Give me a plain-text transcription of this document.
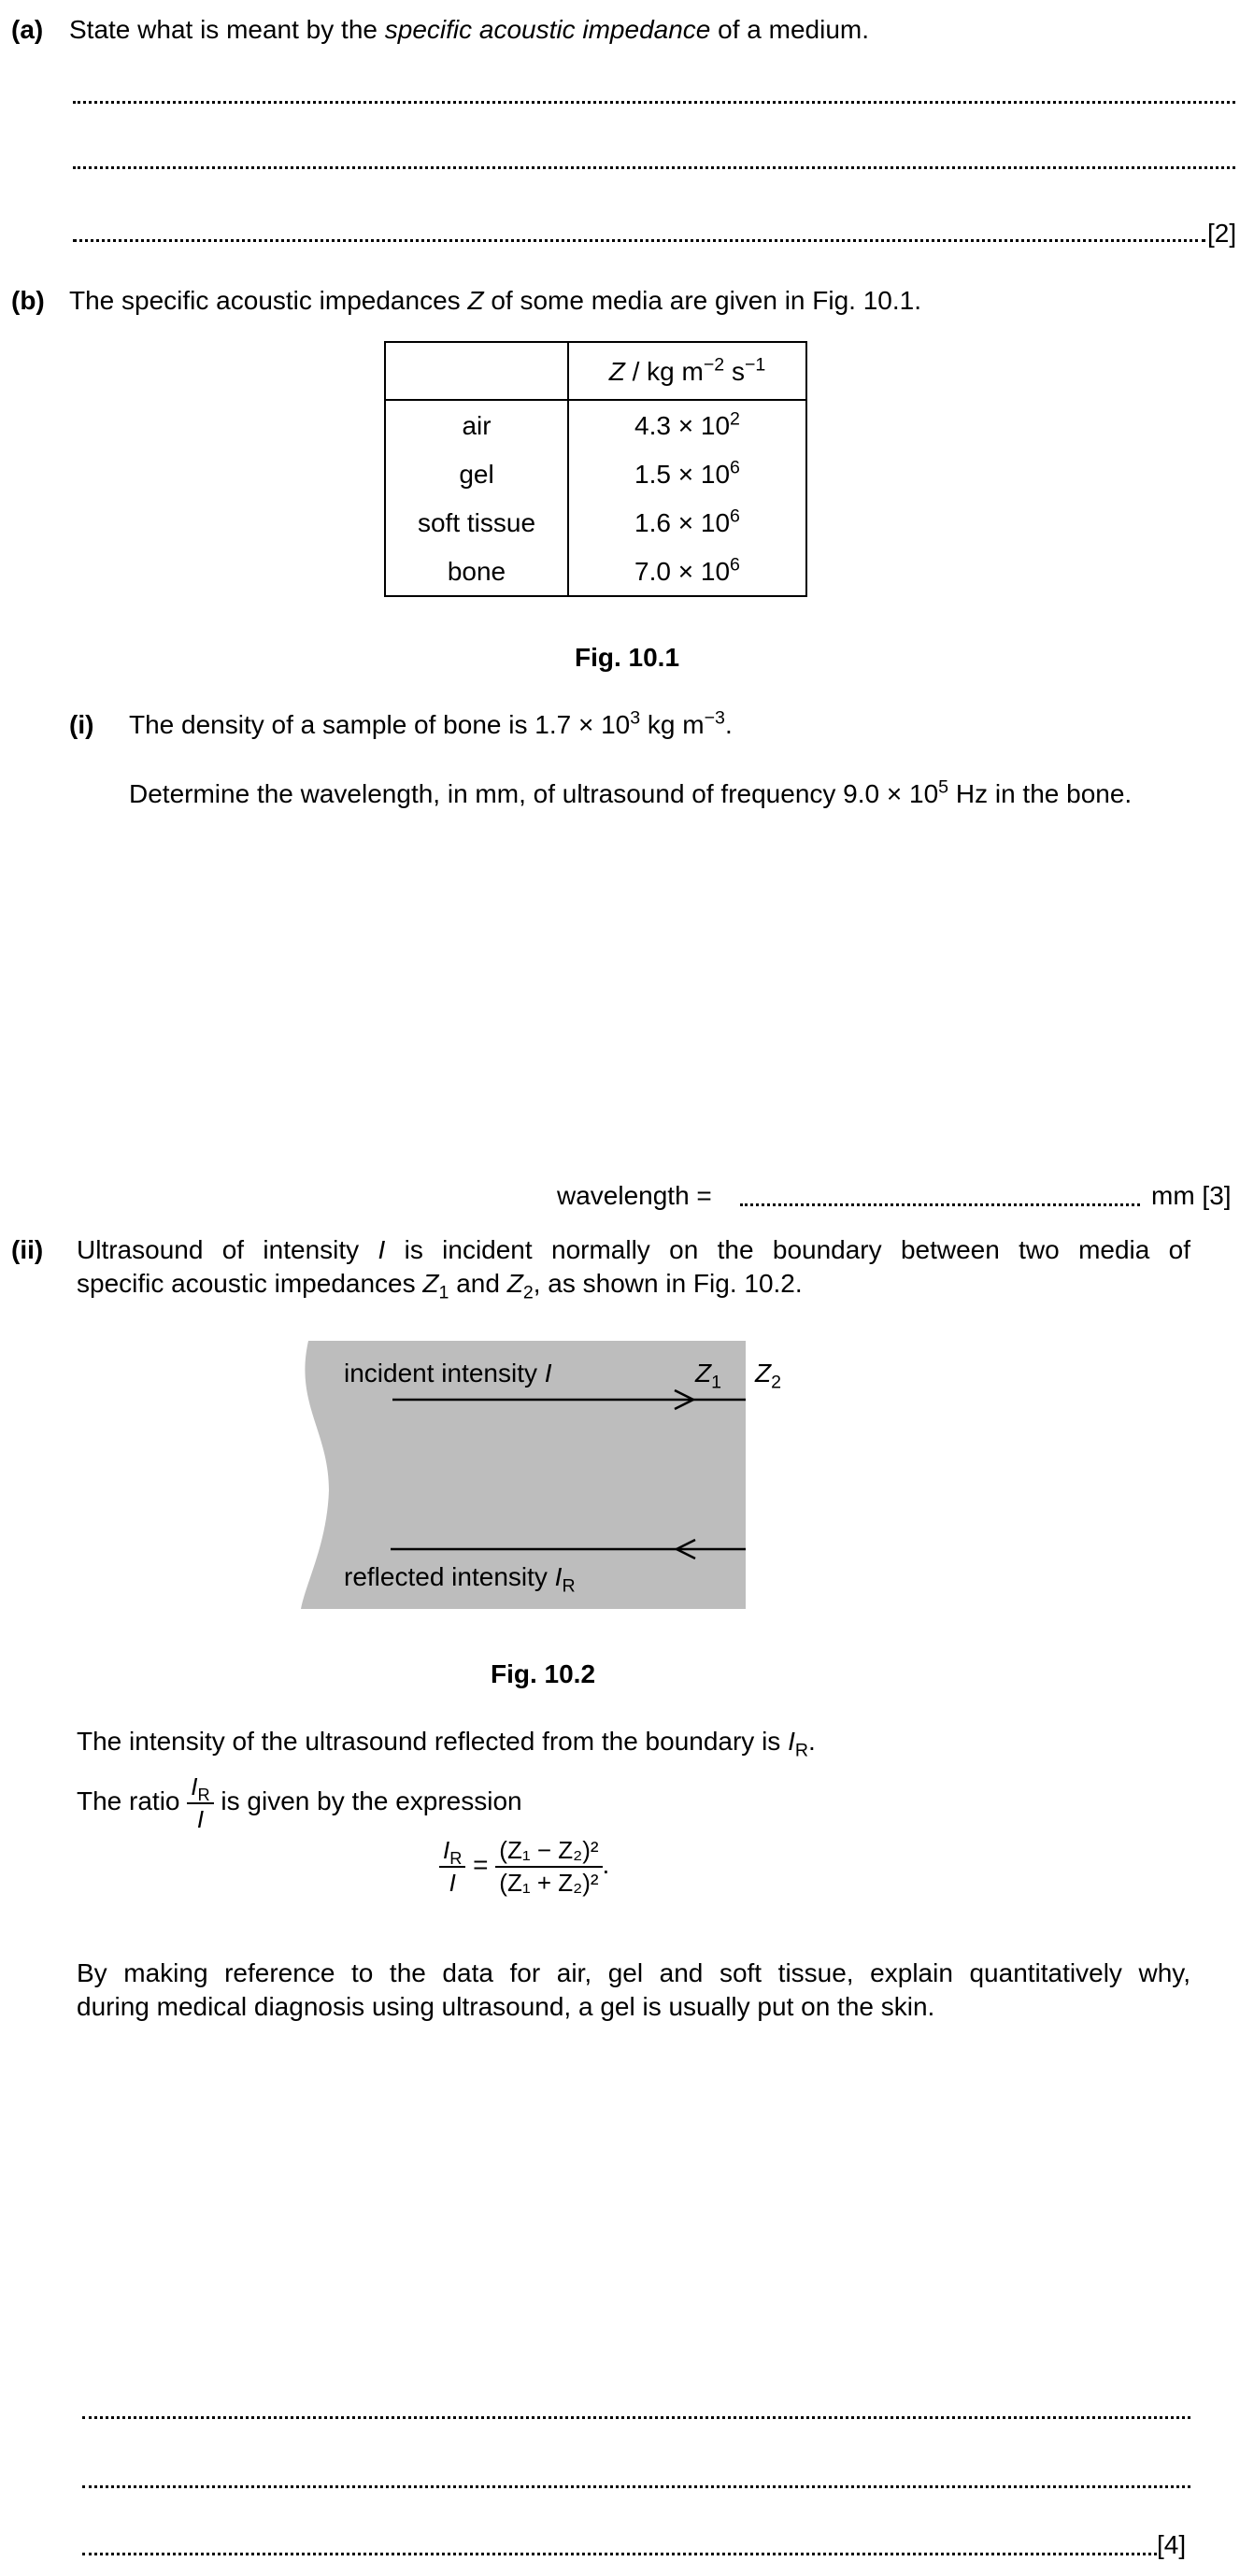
(a) State what is meant by the specific acoustic impedance of a medium.
[2]
(b) The specific acoustic impedances Z of some media are given in Fig. 10.1.
	Z / kg $m^{-2}$ $s^{-1}$
air	$4.3 \times 10^2$
gel	$1.5 \times 10^6$
soft tissue	$1.6 \times 10^6$
bone	$7.0 \times 10^6$
Fig. 10.1
(i) The density of a sample of bone is $1.7 \times 10^3$ kg $m^{-3}$.
Determine the wavelength, in mm, of ultrasound of frequency $9.0 \times 10^5$ Hz in the bone.
wavelength =	mm [3]
(ii) Ultrasound of intensity I is incident normally on the boundary between two media of
specific acoustic impedances $Z_1$ and $Z_2$, as shown in Fig. 10.2.
incident intensity I
reflected intensity $I_R$
$Z_1$ $Z_2$
Fig. 10.2
The intensity of the ultrasound reflected from the boundary is $I_R$.
The ratio $\frac{I_R}{I}$ is given by the expression
$\frac{I_R}{I} = \frac{\text{(Z₁ − Z₂)²}}{\text{(Z₁ + Z₂)²}}$ .
By making reference to the data for air, gel and soft tissue, explain quantitatively why,
during medical diagnosis using ultrasound, a gel is usually put on the skin.
[4]
